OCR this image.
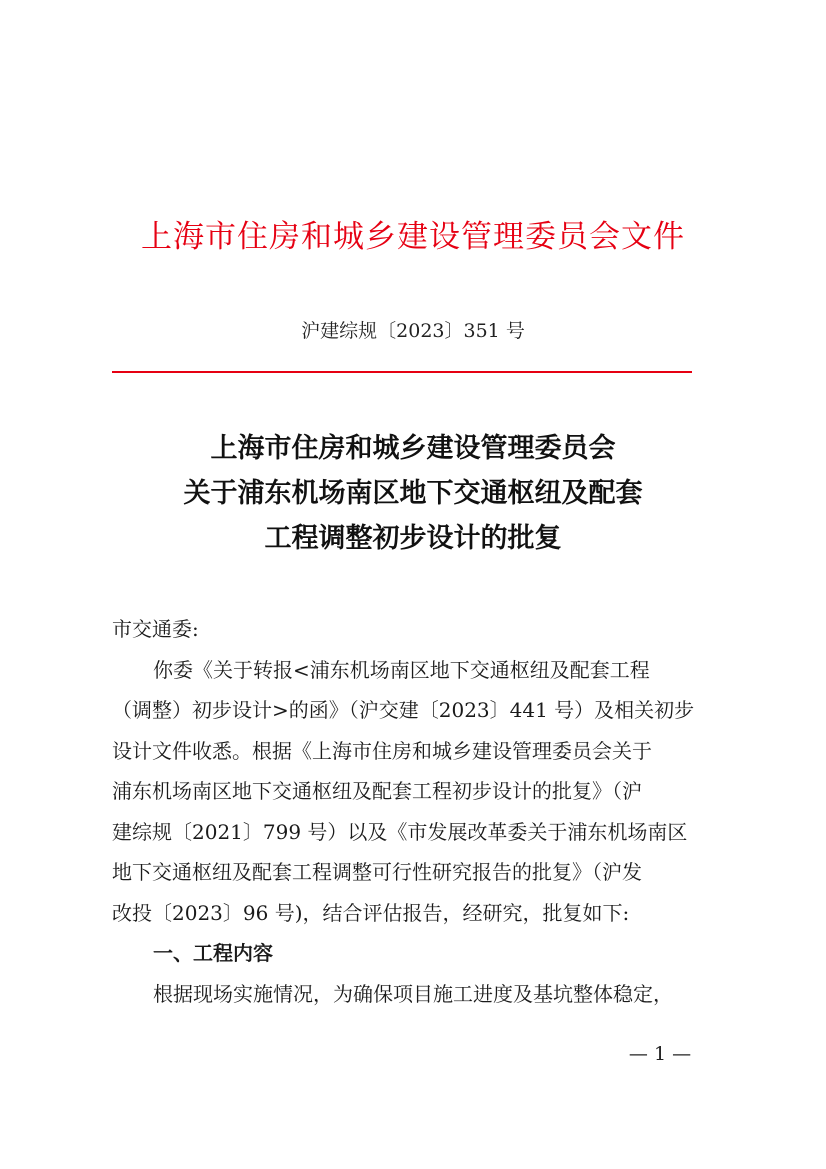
上海市住房和城乡建设管理委员会文件
沪建综规〔2023〕351 号
上海市住房和城乡建设管理委员会
关于浦东机场南区地下交通枢纽及配套
工程调整初步设计的批复
市交通委:
你委《关于转报<浦东机场南区地下交通枢纽及配套工程
（调整）初步设计>的函》（沪交建〔2023〕441 号）及相关初步
设计文件收悉。根据《上海市住房和城乡建设管理委员会关于
浦东机场南区地下交通枢纽及配套工程初步设计的批复》（沪
建综规〔2021〕799 号）以及《市发展改革委关于浦东机场南区
地下交通枢纽及配套工程调整可行性研究报告的批复》（沪发
改投〔2023〕96 号)，结合评估报告，经研究，批复如下:
一、工程内容
根据现场实施情况，为确保项目施工进度及基坑整体稳定，
— 1 —
